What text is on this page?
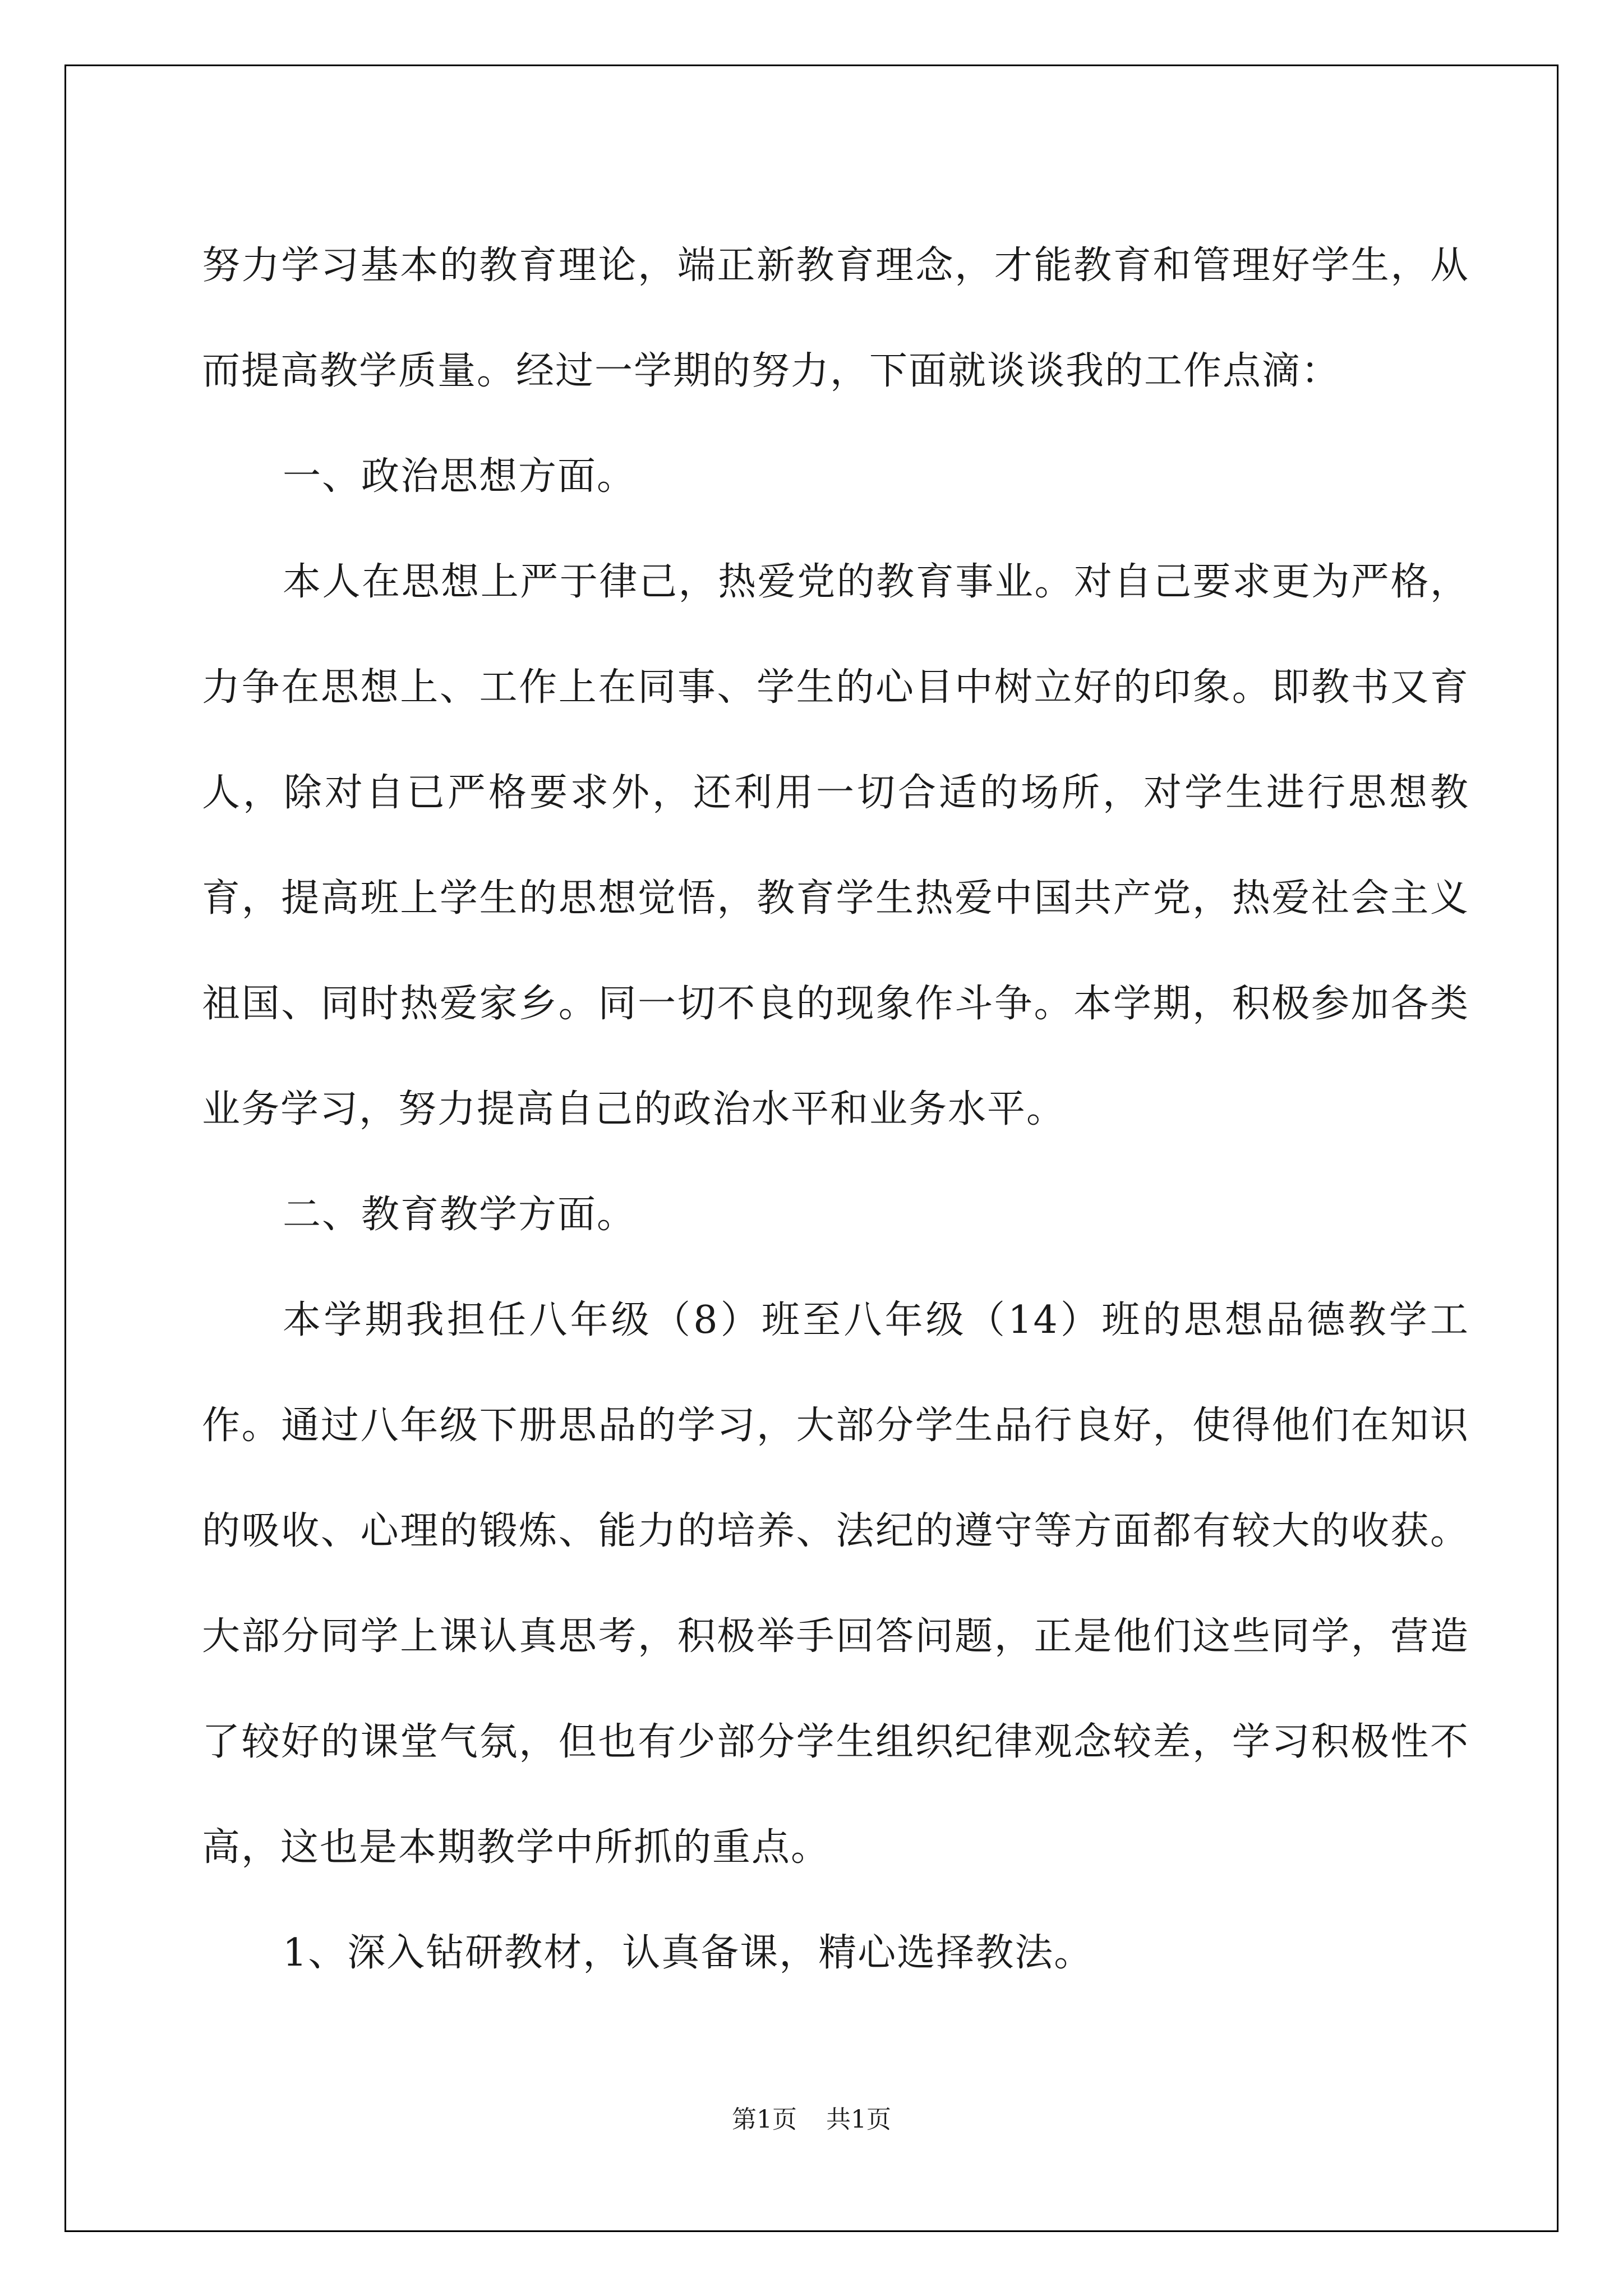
努力学习基本的教育理论，端正新教育理念，才能教育和管理好学生，从而提高教学质量。经过一学期的努力，下面就谈谈我的工作点滴：

一、政治思想方面。

本人在思想上严于律己，热爱党的教育事业。对自己要求更为严格，力争在思想上、工作上在同事、学生的心目中树立好的印象。即教书又育人，除对自已严格要求外，还利用一切合适的场所，对学生进行思想教育，提高班上学生的思想觉悟，教育学生热爱中国共产党，热爱社会主义祖国、同时热爱家乡。同一切不良的现象作斗争。本学期，积极参加各类业务学习，努力提高自己的政治水平和业务水平。

二、教育教学方面。

本学期我担任八年级（8）班至八年级（14）班的思想品德教学工作。通过八年级下册思品的学习，大部分学生品行良好，使得他们在知识的吸收、心理的锻炼、能力的培养、法纪的遵守等方面都有较大的收获。大部分同学上课认真思考，积极举手回答问题，正是他们这些同学，营造了较好的课堂气氛，但也有少部分学生组织纪律观念较差，学习积极性不高，这也是本期教学中所抓的重点。

1、深入钻研教材，认真备课，精心选择教法。

第1页 共1页
